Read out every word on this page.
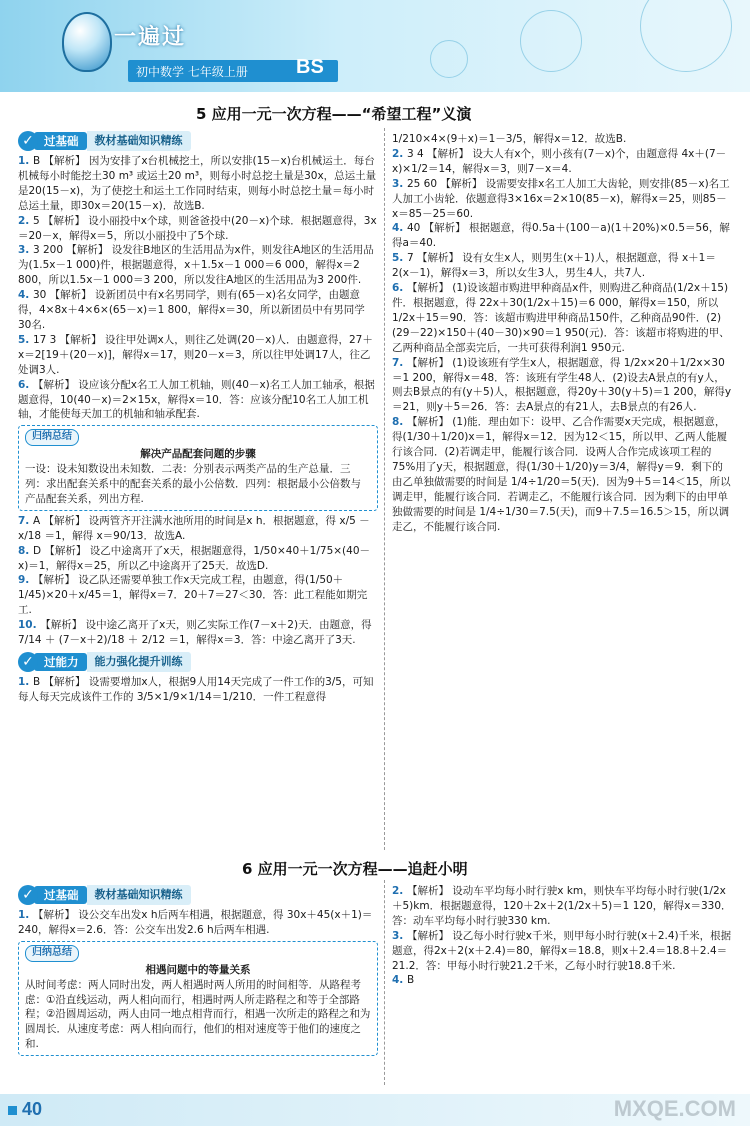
一遍过
初中数学 七年级上册 BS
5 应用一元一次方程——“希望工程”义演
✓ 过基础	教材基础知识精练

1. B 【解析】 因为安排了x台机械挖土，所以安排(15－x)台机械运土．每台机械每小时能挖土30 m³ 或运土20 m³，则每小时总挖土量是30x，总运土量是20(15－x)，为了使挖土和运土工作同时结束，则每小时总挖土量＝每小时总运土量，即30x＝20(15－x)．故选B.

2. 5 【解析】 设小丽投中x个球，则爸爸投中(20－x)个球．根据题意得，3x＝20－x，解得x＝5，所以小丽投中了5个球.

3. 3 200 【解析】 设发往B地区的生活用品为x件，则发往A地区的生活用品为(1.5x－1 000)件，根据题意得，x＋1.5x－1 000＝6 000，解得x＝2 800，所以1.5x－1 000＝3 200，所以发往A地区的生活用品为3 200件.

4. 30 【解析】 设新团员中有x名男同学，则有(65－x)名女同学，由题意得，4×8x＋4×6×(65－x)＝1 800，解得x＝30，所以新团员中有男同学30名.

5. 17 3 【解析】 设往甲处调x人，则往乙处调(20－x)人．由题意得，27＋x＝2[19＋(20－x)]，解得x＝17，则20－x＝3，所以往甲处调17人，往乙处调3人.

6. 【解析】 设应该分配x名工人加工机轴，则(40－x)名工人加工轴承，根据题意得，10(40－x)＝2×15x，解得x＝10．答：应该分配10名工人加工机轴，才能使每天加工的机轴和轴承配套.

归纳总结
解决产品配套问题的步骤

一设：设未知数设出未知数．二表：分别表示两类产品的生产总量．三列：求出配套关系中的配套关系的最小公倍数．四列：根据最小公倍数与产品配套关系，列出方程.

7. A 【解析】 设两管齐开注满水池所用的时间是x h．根据题意，得 x/5 － x/18 ＝1，解得 x＝90/13．故选A.

8. D 【解析】 设乙中途离开了x天，根据题意得，1/50×40＋1/75×(40－x)＝1，解得x＝25，所以乙中途离开了25天．故选D.

9. 【解析】 设乙队还需要单独工作x天完成工程，由题意，得(1/50＋1/45)×20＋x/45＝1，解得x＝7．20＋7＝27＜30．答：此工程能如期完工.

10. 【解析】 设中途乙离开了x天，则乙实际工作(7－x＋2)天．由题意，得 7/14 ＋ (7－x＋2)/18 ＋ 2/12 ＝1，解得x＝3．答：中途乙离开了3天.

✓ 过能力	能力强化提升训练

1. B 【解析】 设需要增加x人，根据9人用14天完成了一件工作的3/5，可知每人每天完成该件工作的 3/5×1/9×1/14＝1/210．一件工程意得

1/210×4×(9＋x)＝1－3/5，解得x＝12．故选B.

2. 3 4 【解析】 设大人有x个，则小孩有(7－x)个，由题意得 4x＋(7－x)×1/2＝14，解得x＝3，则7－x＝4.

3. 25 60 【解析】 设需要安排x名工人加工大齿轮，则安排(85－x)名工人加工小齿轮．依题意得3×16x＝2×10(85－x)，解得x＝25，则85－x＝85－25＝60.

4. 40 【解析】 根据题意，得0.5a＋(100－a)(1＋20%)×0.5＝56，解得a＝40.

5. 7 【解析】 设有女生x人，则男生(x＋1)人，根据题意，得 x＋1＝2(x－1)，解得x＝3，所以女生3人，男生4人，共7人.

6. 【解析】 (1)设该超市购进甲种商品x件，则购进乙种商品(1/2x＋15)件．根据题意，得 22x＋30(1/2x＋15)＝6 000，解得x＝150，所以1/2x＋15＝90．答：该超市购进甲种商品150件，乙种商品90件．(2)(29－22)×150＋(40－30)×90＝1 950(元)．答：该超市将购进的甲、乙两种商品全部卖完后，一共可获得利润1 950元.

7. 【解析】 (1)设该班有学生x人，根据题意，得 1/2x×20＋1/2x×30＝1 200，解得x＝48．答：该班有学生48人．(2)设去A景点的有y人，则去B景点的有(y＋5)人，根据题意，得20y＋30(y＋5)＝1 200，解得y＝21，则y＋5＝26．答：去A景点的有21人，去B景点的有26人.

8. 【解析】 (1)能．理由如下：设甲、乙合作需要x天完成，根据题意，得(1/30＋1/20)x＝1，解得x＝12．因为12＜15，所以甲、乙两人能履行该合同．(2)若调走甲，能履行该合同．设两人合作完成该项工程的75%用了y天，根据题意，得(1/30＋1/20)y＝3/4，解得y＝9．剩下的由乙单独做需要的时间是 1/4÷1/20＝5(天)．因为9＋5＝14＜15，所以调走甲，能履行该合同．若调走乙，不能履行该合同．因为剩下的由甲单独做需要的时间是 1/4÷1/30＝7.5(天)，而9＋7.5＝16.5＞15，所以调走乙，不能履行该合同.

6 应用一元一次方程——追赶小明
✓ 过基础	教材基础知识精练

1. 【解析】 设公交车出发x h后两车相遇，根据题意，得 30x＋45(x＋1)＝240，解得x＝2.6．答：公交车出发2.6 h后两车相遇.

归纳总结
相遇问题中的等量关系

从时间考虑：两人同时出发，两人相遇时两人所用的时间相等．从路程考虑：①沿直线运动，两人相向而行，相遇时两人所走路程之和等于全部路程；②沿圆周运动，两人由同一地点相背而行，相遇一次所走的路程之和为圆周长．从速度考虑：两人相向而行，他们的相对速度等于他们的速度之和.

2. 【解析】 设动车平均每小时行驶x km，则快车平均每小时行驶(1/2x＋5)km．根据题意得，120＋2x＋2(1/2x＋5)＝1 120，解得x＝330．答：动车平均每小时行驶330 km.

3. 【解析】 设乙每小时行驶x千米，则甲每小时行驶(x＋2.4)千米，根据题意，得2x＋2(x＋2.4)＝80，解得x＝18.8，则x＋2.4＝18.8＋2.4＝21.2．答：甲每小时行驶21.2千米，乙每小时行驶18.8千米.

4. B

40	MXQE.COM
